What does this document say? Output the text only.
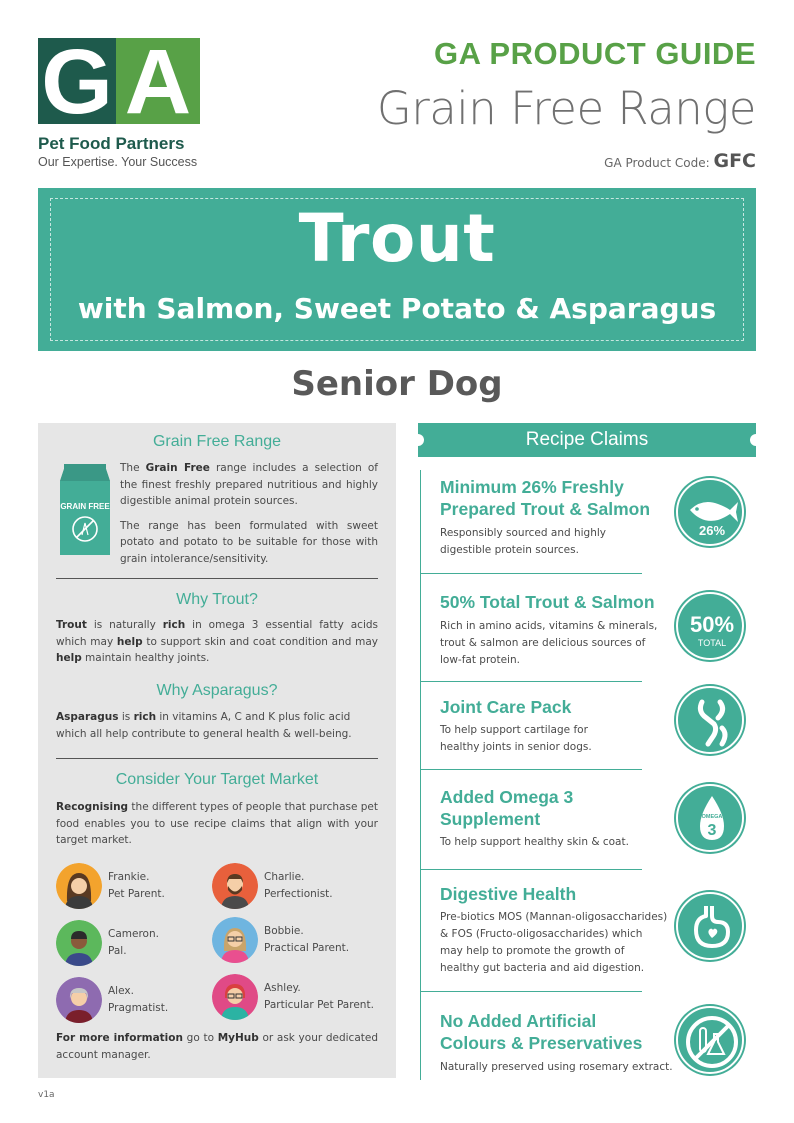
G A
Pet Food Partners
Our Expertise. Your Success
GA PRODUCT GUIDE
Grain Free Range
GA Product Code: GFC
Trout
with Salmon, Sweet Potato & Asparagus
Senior Dog
Grain Free Range
GRAIN FREE

The Grain Free range includes a selection of the finest freshly prepared nutritious and highly digestible animal protein sources.

The range has been formulated with sweet potato and potato to be suitable for those with grain intolerance/sensitivity.

Why Trout?

Trout is naturally rich in omega 3 essential fatty acids which may help to support skin and coat condition and may help maintain healthy joints.

Why Asparagus?

Asparagus is rich in vitamins A, C and K plus folic acid which all help contribute to general health & well-being.

Consider Your Target Market

Recognising the different types of people that purchase pet food enables you to use recipe claims that align with your target market.

Frankie.
Pet Parent.
Charlie.
Perfectionist.
Cameron.
Pal.
Bobbie.
Practical Parent.
Alex.
Pragmatist.
Ashley.
Particular Pet Parent.

For more information go to MyHub or ask your dedicated account manager.

Recipe Claims
Minimum 26% Freshly
Prepared Trout & Salmon
Responsibly sourced and highly
digestible protein sources.
26%
50% Total Trout & Salmon
Rich in amino acids, vitamins & minerals,
trout & salmon are delicious sources of
low-fat protein.
50%
TOTAL
Joint Care Pack
To help support cartilage for
healthy joints in senior dogs.
Added Omega 3
Supplement
To help support healthy skin & coat.
OMEGA
3
Digestive Health
Pre-biotics MOS (Mannan-oligosaccharides)
& FOS (Fructo-oligosaccharides) which
may help to promote the growth of
healthy gut bacteria and aid digestion.
No Added Artificial
Colours & Preservatives
Naturally preserved using rosemary extract.
v1a
